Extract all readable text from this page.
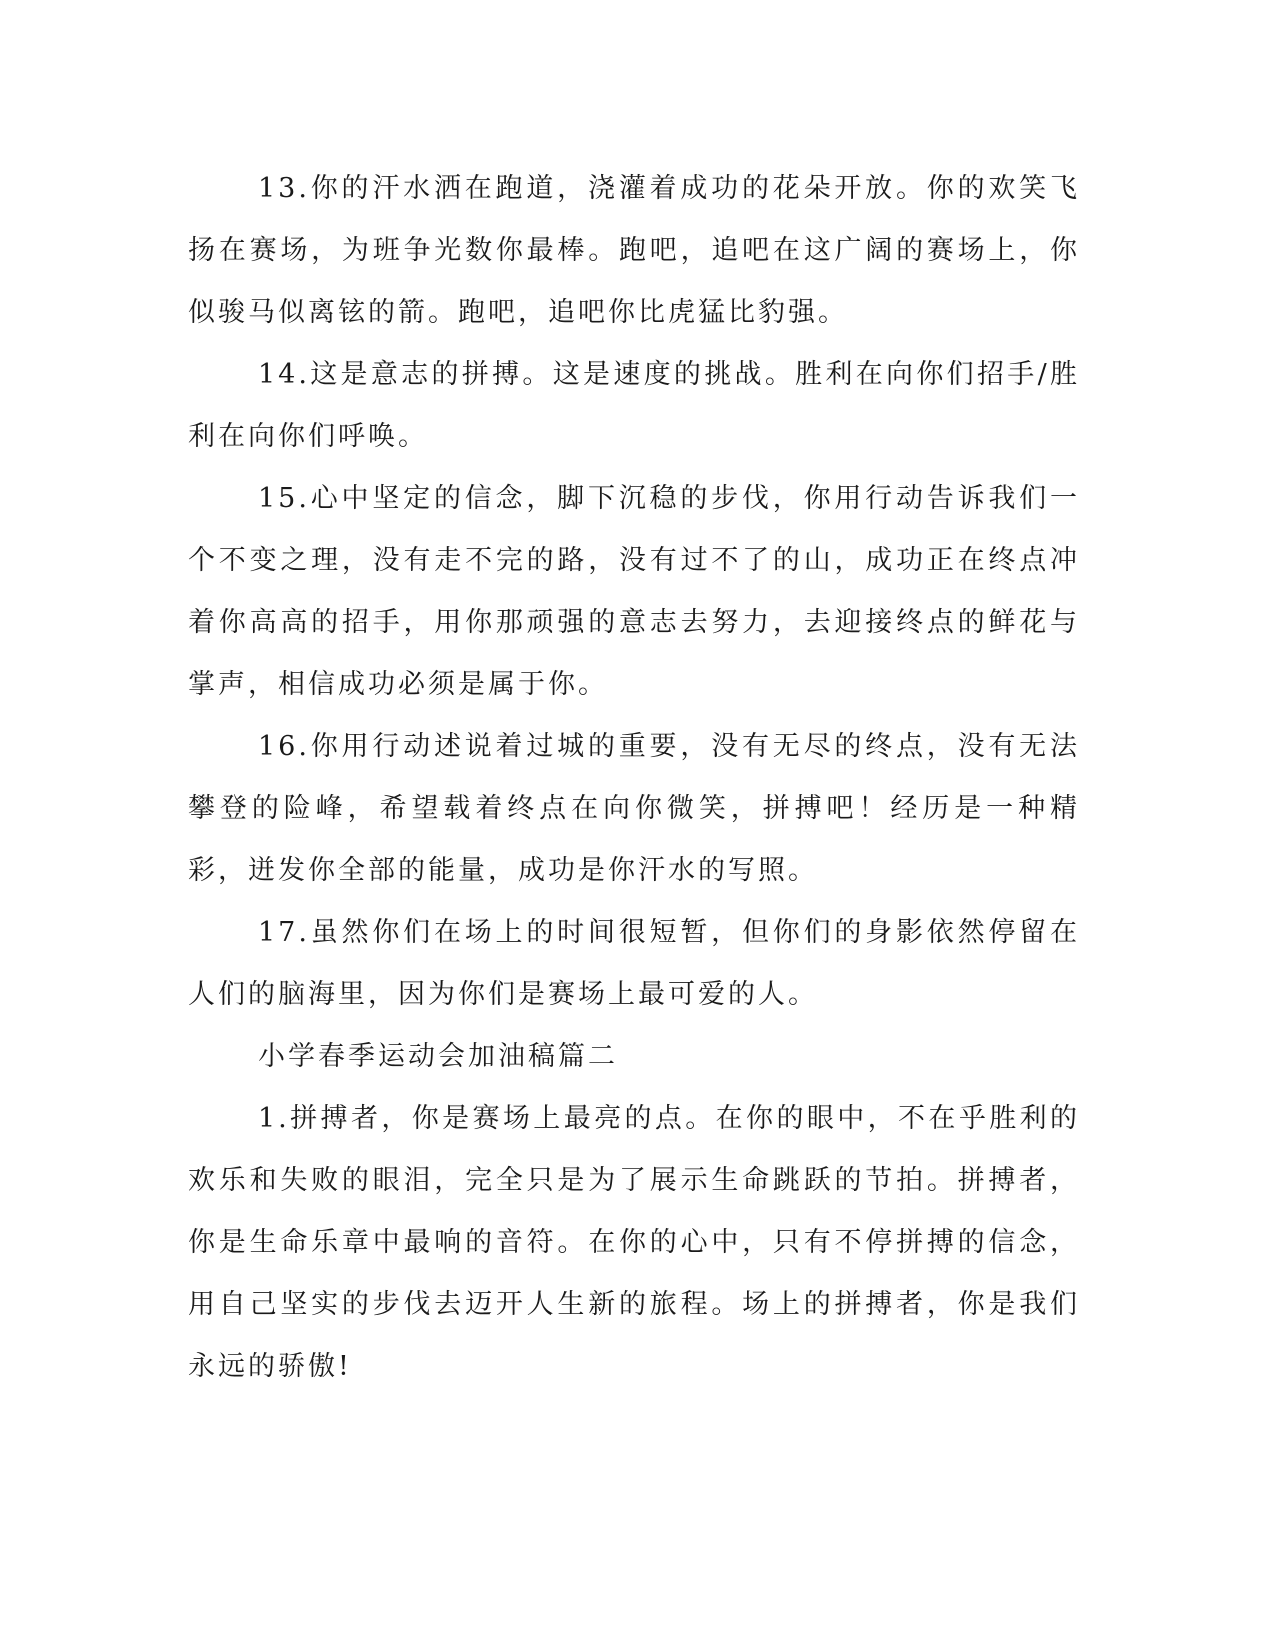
13.你的汗水洒在跑道，浇灌着成功的花朵开放。你的欢笑飞扬在赛场，为班争光数你最棒。跑吧，追吧在这广阔的赛场上，你似骏马似离铉的箭。跑吧，追吧你比虎猛比豹强。

14.这是意志的拼搏。这是速度的挑战。胜利在向你们招手/胜利在向你们呼唤。

15.心中坚定的信念，脚下沉稳的步伐，你用行动告诉我们一个不变之理，没有走不完的路，没有过不了的山，成功正在终点冲着你高高的招手，用你那顽强的意志去努力，去迎接终点的鲜花与掌声，相信成功必须是属于你。

16.你用行动述说着过城的重要，没有无尽的终点，没有无法攀登的险峰，希望载着终点在向你微笑，拼搏吧！经历是一种精彩，迸发你全部的能量，成功是你汗水的写照。

17.虽然你们在场上的时间很短暂，但你们的身影依然停留在人们的脑海里，因为你们是赛场上最可爱的人。

小学春季运动会加油稿篇二

1.拼搏者，你是赛场上最亮的点。在你的眼中，不在乎胜利的欢乐和失败的眼泪，完全只是为了展示生命跳跃的节拍。拼搏者，你是生命乐章中最响的音符。在你的心中，只有不停拼搏的信念，用自己坚实的步伐去迈开人生新的旅程。场上的拼搏者，你是我们永远的骄傲!
